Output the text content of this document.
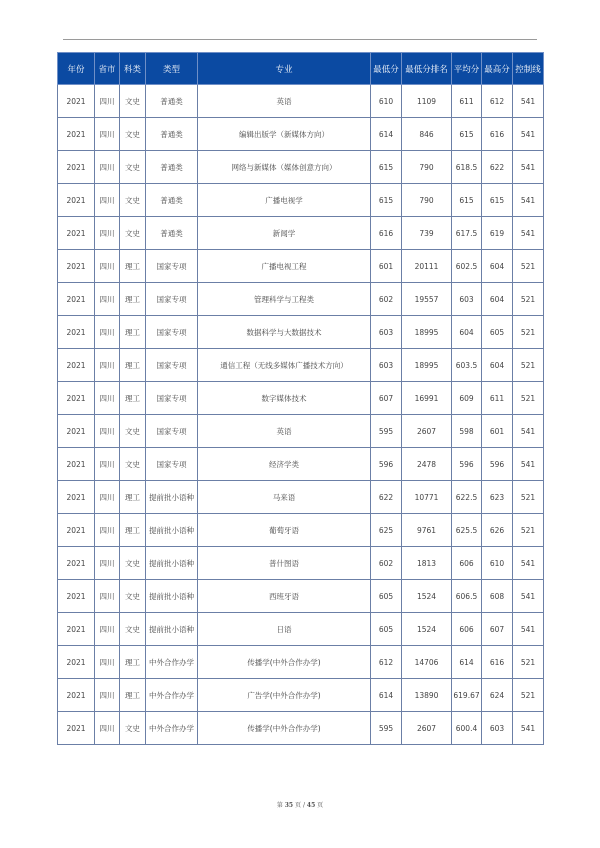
年份	省市	科类	类型	专业	最低分	最低分排名	平均分	最高分	控制线
2021	四川	文史	普通类	英语	610	1109	611	612	541
2021	四川	文史	普通类	编辑出版学（新媒体方向）	614	846	615	616	541
2021	四川	文史	普通类	网络与新媒体（媒体创意方向）	615	790	618.5	622	541
2021	四川	文史	普通类	广播电视学	615	790	615	615	541
2021	四川	文史	普通类	新闻学	616	739	617.5	619	541
2021	四川	理工	国家专项	广播电视工程	601	20111	602.5	604	521
2021	四川	理工	国家专项	管理科学与工程类	602	19557	603	604	521
2021	四川	理工	国家专项	数据科学与大数据技术	603	18995	604	605	521
2021	四川	理工	国家专项	通信工程（无线多媒体广播技术方向）	603	18995	603.5	604	521
2021	四川	理工	国家专项	数字媒体技术	607	16991	609	611	521
2021	四川	文史	国家专项	英语	595	2607	598	601	541
2021	四川	文史	国家专项	经济学类	596	2478	596	596	541
2021	四川	理工	提前批小语种	马来语	622	10771	622.5	623	521
2021	四川	理工	提前批小语种	葡萄牙语	625	9761	625.5	626	521
2021	四川	文史	提前批小语种	普什图语	602	1813	606	610	541
2021	四川	文史	提前批小语种	西班牙语	605	1524	606.5	608	541
2021	四川	文史	提前批小语种	日语	605	1524	606	607	541
2021	四川	理工	中外合作办学	传播学(中外合作办学)	612	14706	614	616	521
2021	四川	理工	中外合作办学	广告学(中外合作办学)	614	13890	619.67	624	521
2021	四川	文史	中外合作办学	传播学(中外合作办学)	595	2607	600.4	603	541
第 35 页 / 45 页
